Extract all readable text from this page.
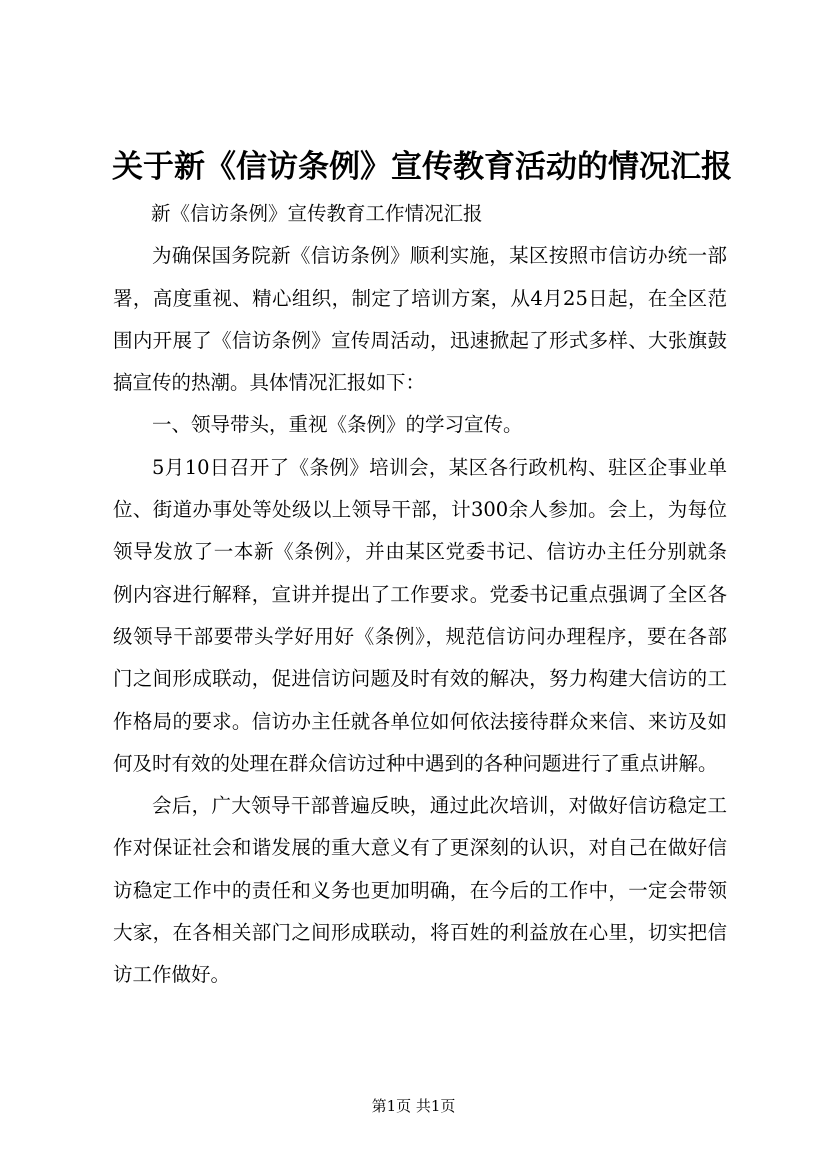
关于新《信访条例》宣传教育活动的情况汇报

新《信访条例》宣传教育工作情况汇报

为确保国务院新《信访条例》顺利实施，某区按照市信访办统一部署，高度重视、精心组织，制定了培训方案，从4月25日起，在全区范围内开展了《信访条例》宣传周活动，迅速掀起了形式多样、大张旗鼓搞宣传的热潮。具体情况汇报如下：

一、领导带头，重视《条例》的学习宣传。

5月10日召开了《条例》培训会，某区各行政机构、驻区企事业单位、街道办事处等处级以上领导干部，计300余人参加。会上，为每位领导发放了一本新《条例》，并由某区党委书记、信访办主任分别就条例内容进行解释，宣讲并提出了工作要求。党委书记重点强调了全区各级领导干部要带头学好用好《条例》，规范信访问办理程序，要在各部门之间形成联动，促进信访问题及时有效的解决，努力构建大信访的工作格局的要求。信访办主任就各单位如何依法接待群众来信、来访及如何及时有效的处理在群众信访过种中遇到的各种问题进行了重点讲解。

会后，广大领导干部普遍反映，通过此次培训，对做好信访稳定工作对保证社会和谐发展的重大意义有了更深刻的认识，对自己在做好信访稳定工作中的责任和义务也更加明确，在今后的工作中，一定会带领大家，在各相关部门之间形成联动，将百姓的利益放在心里，切实把信访工作做好。

第1页 共1页
